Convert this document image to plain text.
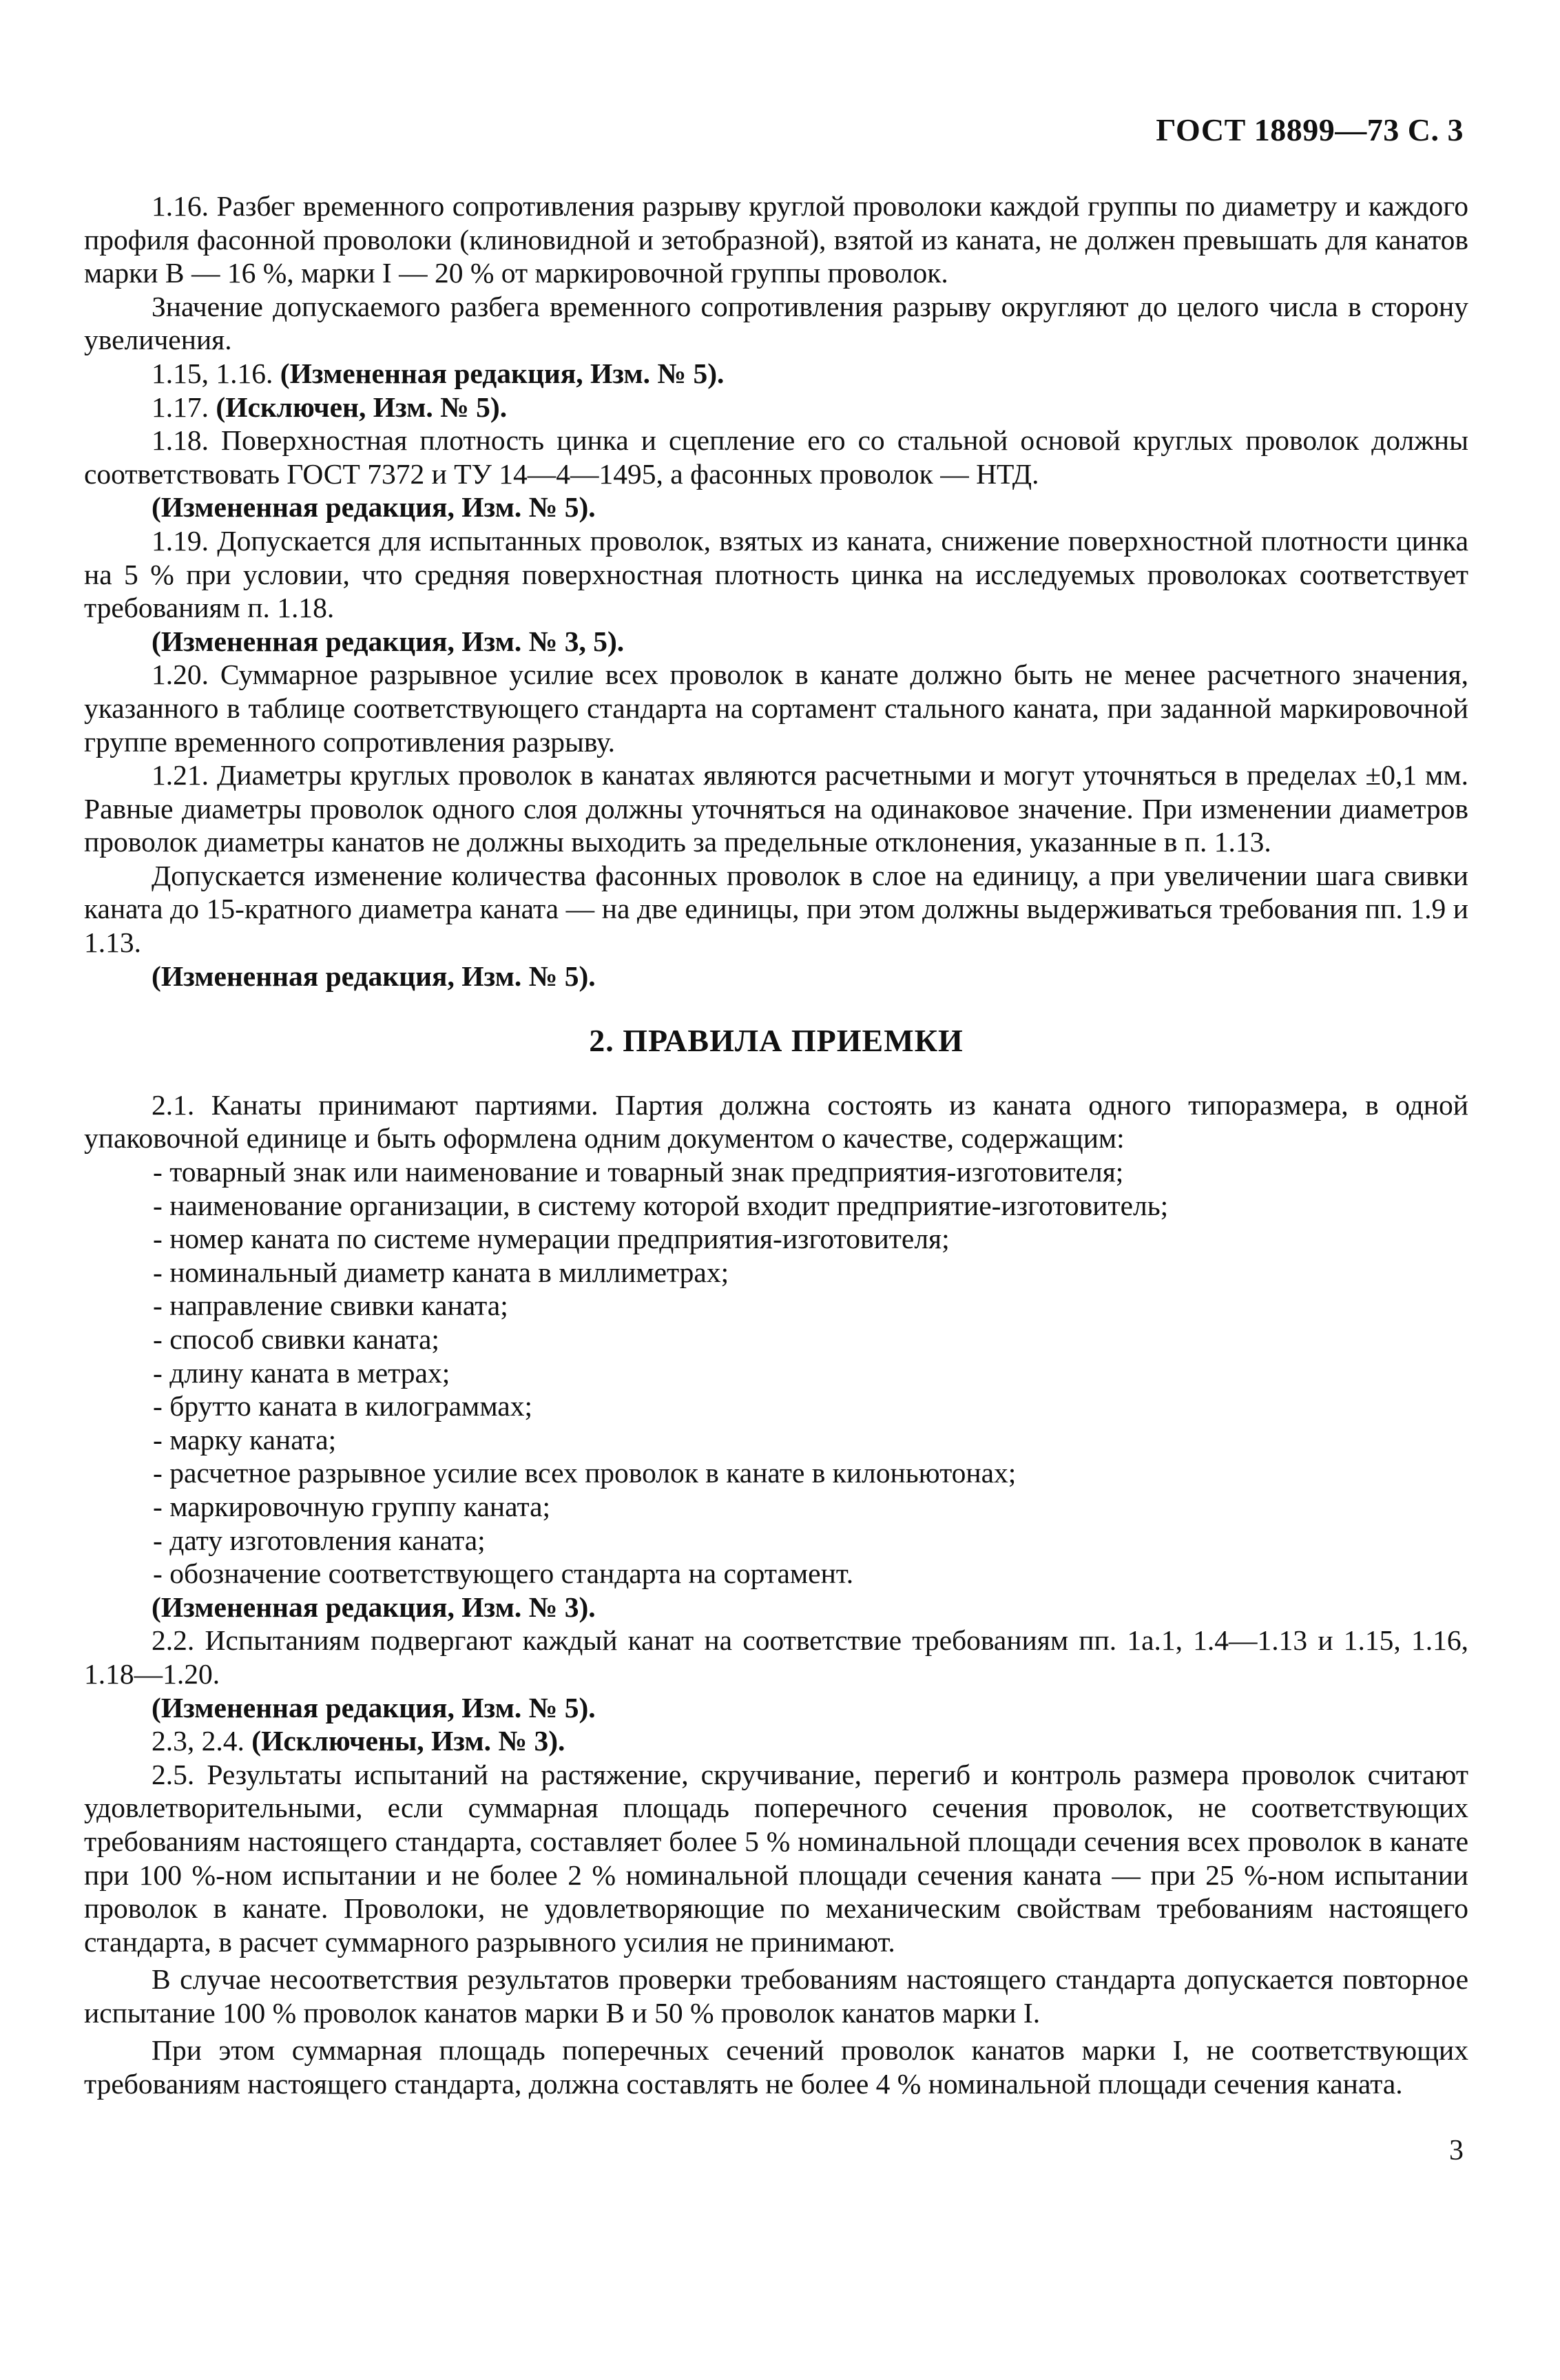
ГОСТ 18899—73 С. 3

1.16. Разбег временного сопротивления разрыву круглой проволоки каждой группы по диаметру и каждого профиля фасонной проволоки (клиновидной и зетобразной), взятой из каната, не должен превышать для канатов марки В — 16 %, марки I — 20 % от маркировочной группы проволок.

Значение допускаемого разбега временного сопротивления разрыву округляют до целого числа в сторону увеличения.

1.15, 1.16. (Измененная редакция, Изм. № 5).

1.17. (Исключен, Изм. № 5).

1.18. Поверхностная плотность цинка и сцепление его со стальной основой круглых проволок должны соответствовать ГОСТ 7372 и ТУ 14—4—1495, а фасонных проволок — НТД.

(Измененная редакция, Изм. № 5).

1.19. Допускается для испытанных проволок, взятых из каната, снижение поверхностной плотности цинка на 5 % при условии, что средняя поверхностная плотность цинка на исследуемых проволоках соответствует требованиям п. 1.18.

(Измененная редакция, Изм. № 3, 5).

1.20. Суммарное разрывное усилие всех проволок в канате должно быть не менее расчетного значения, указанного в таблице соответствующего стандарта на сортамент стального каната, при заданной маркировочной группе временного сопротивления разрыву.

1.21. Диаметры круглых проволок в канатах являются расчетными и могут уточняться в пределах ±0,1 мм. Равные диаметры проволок одного слоя должны уточняться на одинаковое значение. При изменении диаметров проволок диаметры канатов не должны выходить за предельные отклонения, указанные в п. 1.13.

Допускается изменение количества фасонных проволок в слое на единицу, а при увеличении шага свивки каната до 15-кратного диаметра каната — на две единицы, при этом должны выдерживаться требования пп. 1.9 и 1.13.

(Измененная редакция, Изм. № 5).

2. ПРАВИЛА ПРИЕМКИ

2.1. Канаты принимают партиями. Партия должна состоять из каната одного типоразмера, в одной упаковочной единице и быть оформлена одним документом о качестве, содержащим:

- товарный знак или наименование и товарный знак предприятия-изготовителя;
- наименование организации, в систему которой входит предприятие-изготовитель;
- номер каната по системе нумерации предприятия-изготовителя;
- номинальный диаметр каната в миллиметрах;
- направление свивки каната;
- способ свивки каната;
- длину каната в метрах;
- брутто каната в килограммах;
- марку каната;
- расчетное разрывное усилие всех проволок в канате в килоньютонах;
- маркировочную группу каната;
- дату изготовления каната;
- обозначение соответствующего стандарта на сортамент.

(Измененная редакция, Изм. № 3).

2.2. Испытаниям подвергают каждый канат на соответствие требованиям пп. 1а.1, 1.4—1.13 и 1.15, 1.16, 1.18—1.20.

(Измененная редакция, Изм. № 5).

2.3, 2.4. (Исключены, Изм. № 3).

2.5. Результаты испытаний на растяжение, скручивание, перегиб и контроль размера проволок считают удовлетворительными, если суммарная площадь поперечного сечения проволок, не соответствующих требованиям настоящего стандарта, составляет более 5 % номинальной площади сечения всех проволок в канате при 100 %-ном испытании и не более 2 % номинальной площади сечения каната — при 25 %-ном испытании проволок в канате. Проволоки, не удовлетворяющие по механическим свойствам требованиям настоящего стандарта, в расчет суммарного разрывного усилия не принимают.

В случае несоответствия результатов проверки требованиям настоящего стандарта допускается повторное испытание 100 % проволок канатов марки В и 50 % проволок канатов марки I.

При этом суммарная площадь поперечных сечений проволок канатов марки I, не соответствующих требованиям настоящего стандарта, должна составлять не более 4 % номинальной площади сечения каната.

3
